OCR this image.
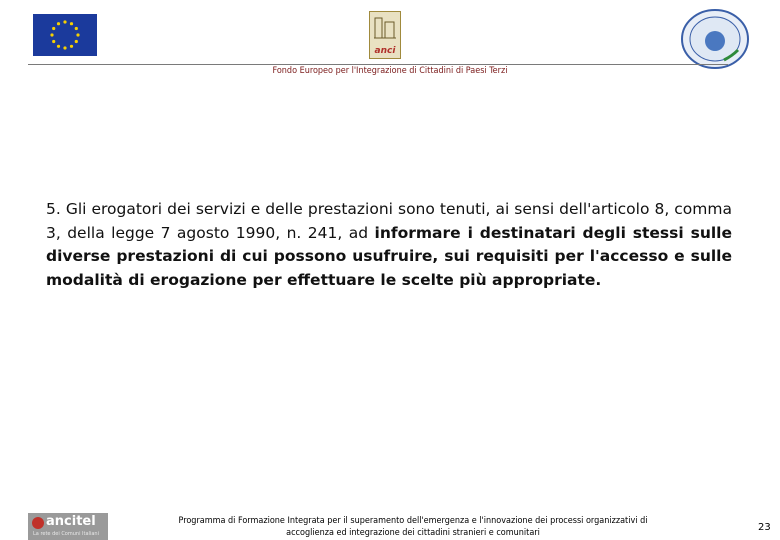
anci
Fondo Europeo per l'Integrazione di Cittadini di Paesi Terzi
5. Gli erogatori dei servizi e delle prestazioni sono tenuti, ai sensi dell'articolo 8, comma 3, della legge 7 agosto 1990, n. 241, ad informare i destinatari degli stessi sulle diverse prestazioni di cui possono usufruire, sui requisiti per l'accesso e sulle modalità di erogazione per effettuare le scelte più appropriate.
ancitel
La rete dei Comuni Italiani
Programma di Formazione Integrata per il superamento dell'emergenza e l'innovazione dei processi organizzativi di
accoglienza ed integrazione dei cittadini stranieri e comunitari	23
